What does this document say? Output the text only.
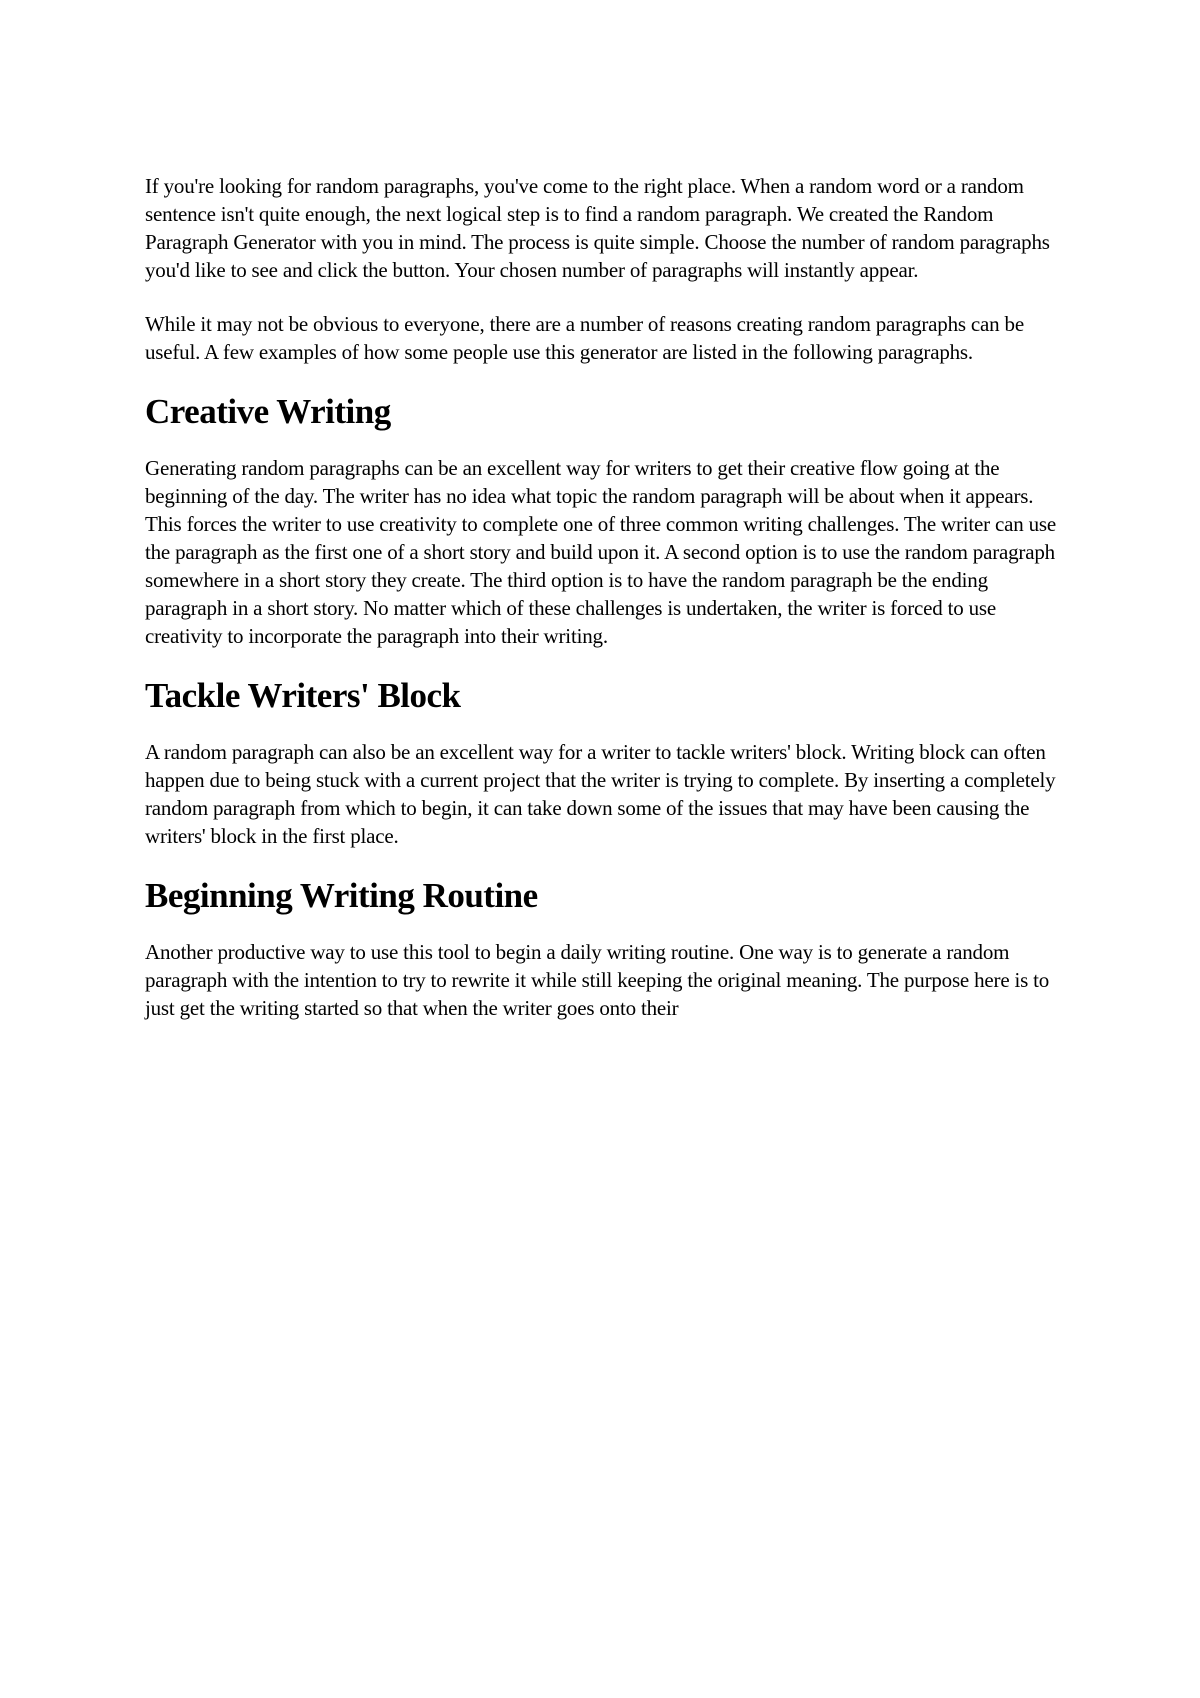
If you're looking for random paragraphs, you've come to the right place. When a random word or a random sentence isn't quite enough, the next logical step is to find a random paragraph. We created the Random Paragraph Generator with you in mind. The process is quite simple. Choose the number of random paragraphs you'd like to see and click the button. Your chosen number of paragraphs will instantly appear.

While it may not be obvious to everyone, there are a number of reasons creating random paragraphs can be useful. A few examples of how some people use this generator are listed in the following paragraphs.

Creative Writing

Generating random paragraphs can be an excellent way for writers to get their creative flow going at the beginning of the day. The writer has no idea what topic the random paragraph will be about when it appears. This forces the writer to use creativity to complete one of three common writing challenges. The writer can use the paragraph as the first one of a short story and build upon it. A second option is to use the random paragraph somewhere in a short story they create. The third option is to have the random paragraph be the ending paragraph in a short story. No matter which of these challenges is undertaken, the writer is forced to use creativity to incorporate the paragraph into their writing.

Tackle Writers' Block

A random paragraph can also be an excellent way for a writer to tackle writers' block. Writing block can often happen due to being stuck with a current project that the writer is trying to complete. By inserting a completely random paragraph from which to begin, it can take down some of the issues that may have been causing the writers' block in the first place.

Beginning Writing Routine

Another productive way to use this tool to begin a daily writing routine. One way is to generate a random paragraph with the intention to try to rewrite it while still keeping the original meaning. The purpose here is to just get the writing started so that when the writer goes onto their
